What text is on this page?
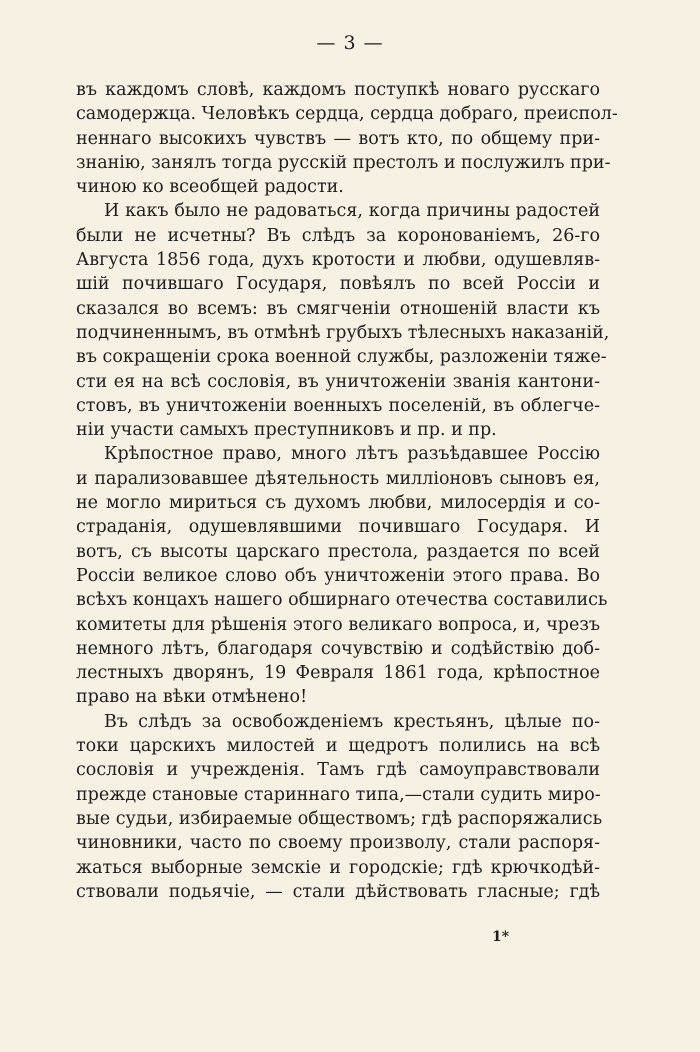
— 3 —
въ каждомъ словѣ, каждомъ поступкѣ новаго русскаго
самодержца. Человѣкъ сердца, сердца добраго, преиспол-
неннаго высокихъ чувствъ — вотъ кто, по общему при-
знанію, занялъ тогда русскій престолъ и послужилъ при-
чиною ко всеобщей радости.
И какъ было не радоваться, когда причины радостей
были не исчетны? Въ слѣдъ за коронованіемъ, 26-го
Августа 1856 года, духъ кротости и любви, одушевляв-
шій почившаго Государя, повѣялъ по всей Россіи и
сказался во всемъ: въ смягченіи отношеній власти къ
подчиненнымъ, въ отмѣнѣ грубыхъ тѣлесныхъ наказаній,
въ сокращеніи срока военной службы, разложеніи тяже-
сти ея на всѣ сословія, въ уничтоженіи званія кантони-
стовъ, въ уничтоженіи военныхъ поселеній, въ облегче-
ніи участи самыхъ преступниковъ и пр. и пр.
Крѣпостное право, много лѣтъ разъѣдавшее Россію
и парализовавшее дѣятельность милліоновъ сыновъ ея,
не могло мириться съ духомъ любви, милосердія и со-
страданія, одушевлявшими почившаго Государя. И
вотъ, съ высоты царскаго престола, раздается по всей
Россіи великое слово объ уничтоженіи этого права. Во
всѣхъ концахъ нашего обширнаго отечества составились
комитеты для рѣшенія этого великаго вопроса, и, чрезъ
немного лѣтъ, благодаря сочувствію и содѣйствію доб-
лестныхъ дворянъ, 19 Февраля 1861 года, крѣпостное
право на вѣки отмѣнено!
Въ слѣдъ за освобожденіемъ крестьянъ, цѣлые по-
токи царскихъ милостей и щедротъ полились на всѣ
сословія и учрежденія. Тамъ гдѣ самоуправствовали
прежде становые стариннаго типа,—стали судить миро-
вые судьи, избираемые обществомъ; гдѣ распоряжались
чиновники, часто по своему произволу, стали распоря-
жаться выборные земскіе и городскіе; гдѣ крючкодѣй-
ствовали подьячіе, — стали дѣйствовать гласные; гдѣ
1*
